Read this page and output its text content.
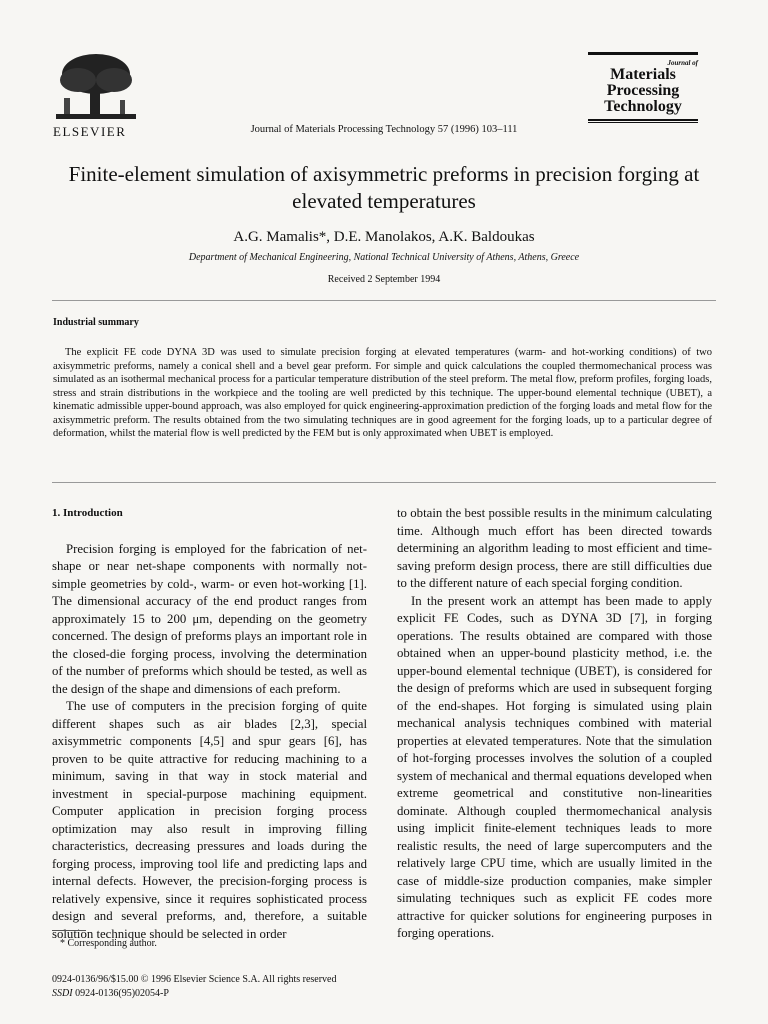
ELSEVIER	Journal of Materials Processing Technology 57 (1996) 103–111
Journal of
Materials
Processing
Technology
Finite-element simulation of axisymmetric preforms in precision forging at elevated temperatures
A.G. Mamalis*, D.E. Manolakos, A.K. Baldoukas
Department of Mechanical Engineering, National Technical University of Athens, Athens, Greece
Received 2 September 1994
Industrial summary
The explicit FE code DYNA 3D was used to simulate precision forging at elevated temperatures (warm- and hot-working conditions) of two axisymmetric preforms, namely a conical shell and a bevel gear preform. For simple and quick calculations the coupled thermomechanical process was simulated as an isothermal mechanical process for a particular temperature distribution of the steel preform. The metal flow, preform profiles, forging loads, stress and strain distributions in the workpiece and the tooling are well predicted by this technique. The upper-bound elemental technique (UBET), a kinematic admissible upper-bound approach, was also employed for quick engineering-approximation prediction of the forging loads and metal flow for the axisymmetric preform. The results obtained from the two simulating techniques are in good agreement for the forging loads, up to a particular degree of deformation, whilst the material flow is well predicted by the FEM but is only approximated when UBET is employed.
1. Introduction

Precision forging is employed for the fabrication of net-shape or near net-shape components with normally not-simple geometries by cold-, warm- or even hot-working [1]. The dimensional accuracy of the end product ranges from approximately 15 to 200 μm, depending on the geometry concerned. The design of preforms plays an important role in the closed-die forging process, involving the determination of the number of preforms which should be tested, as well as the design of the shape and dimensions of each preform.

The use of computers in the precision forging of quite different shapes such as air blades [2,3], special axisymmetric components [4,5] and spur gears [6], has proven to be quite attractive for reducing machining to a minimum, saving in that way in stock material and investment in special-purpose machining equipment. Computer application in precision forging process optimization may also result in improving filling characteristics, decreasing pressures and loads during the forging process, improving tool life and predicting laps and internal defects. However, the precision-forging process is relatively expensive, since it requires sophisticated process design and several preforms, and, therefore, a suitable solution technique should be selected in order

to obtain the best possible results in the minimum calculating time. Although much effort has been directed towards determining an algorithm leading to most efficient and time-saving preform design process, there are still difficulties due to the different nature of each special forging condition.

In the present work an attempt has been made to apply explicit FE Codes, such as DYNA 3D [7], in forging operations. The results obtained are compared with those obtained when an upper-bound plasticity method, i.e. the upper-bound elemental technique (UBET), is considered for the design of preforms which are used in subsequent forging of the end-shapes. Hot forging is simulated using plain mechanical analysis techniques combined with material properties at elevated temperatures. Note that the simulation of hot-forging processes involves the solution of a coupled system of mechanical and thermal equations developed when extreme geometrical and constitutive non-linearities dominate. Although coupled thermomechanical analysis using implicit finite-element techniques leads to more realistic results, the need of large supercomputers and the relatively large CPU time, which are usually limited in the case of middle-size production companies, make simpler simulating techniques such as explicit FE codes more attractive for quicker solutions for engineering purposes in forging operations.

* Corresponding author.
0924-0136/96/$15.00 © 1996 Elsevier Science S.A. All rights reserved
SSDI 0924-0136(95)02054-P
